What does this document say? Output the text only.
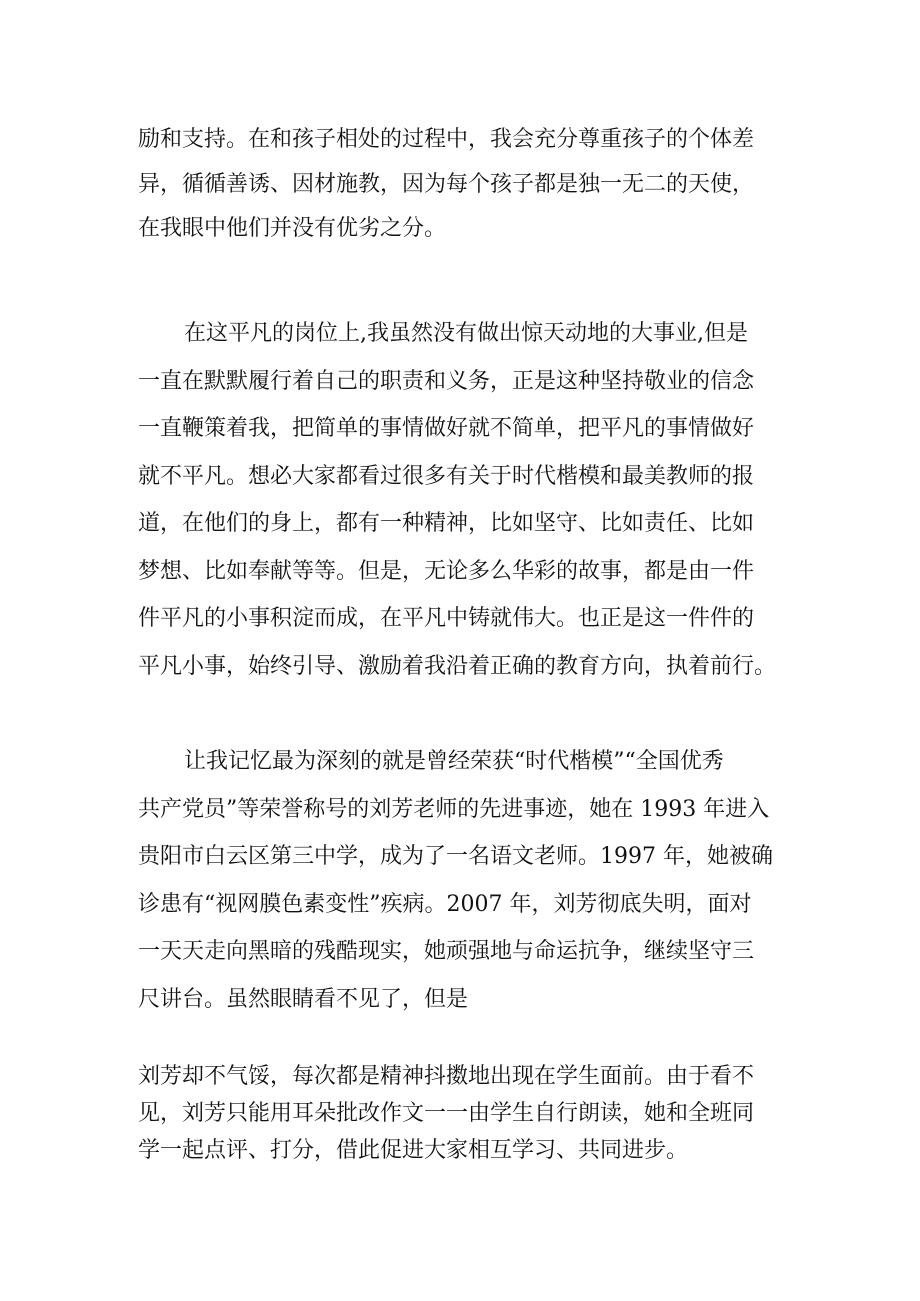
励和支持。在和孩子相处的过程中，我会充分尊重孩子的个体差
异，循循善诱、因材施教，因为每个孩子都是独一无二的天使，
在我眼中他们并没有优劣之分。

在这平凡的岗位上,我虽然没有做出惊天动地的大事业,但是
一直在默默履行着自己的职责和义务，正是这种坚持敬业的信念
一直鞭策着我，把简单的事情做好就不简单，把平凡的事情做好
就不平凡。想必大家都看过很多有关于时代楷模和最美教师的报
道，在他们的身上，都有一种精神，比如坚守、比如责任、比如
梦想、比如奉献等等。但是，无论多么华彩的故事，都是由一件
件平凡的小事积淀而成，在平凡中铸就伟大。也正是这一件件的
平凡小事，始终引导、激励着我沿着正确的教育方向，执着前行。

让我记忆最为深刻的就是曾经荣获“时代楷模”“全国优秀
共产党员”等荣誉称号的刘芳老师的先进事迹，她在 1993 年进入
贵阳市白云区第三中学，成为了一名语文老师。1997 年，她被确
诊患有“视网膜色素变性”疾病。2007 年，刘芳彻底失明，面对
一天天走向黑暗的残酷现实，她顽强地与命运抗争，继续坚守三
尺讲台。虽然眼睛看不见了，但是

刘芳却不气馁，每次都是精神抖擞地出现在学生面前。由于看不
见，刘芳只能用耳朵批改作文一一由学生自行朗读，她和全班同
学一起点评、打分，借此促进大家相互学习、共同进步。
